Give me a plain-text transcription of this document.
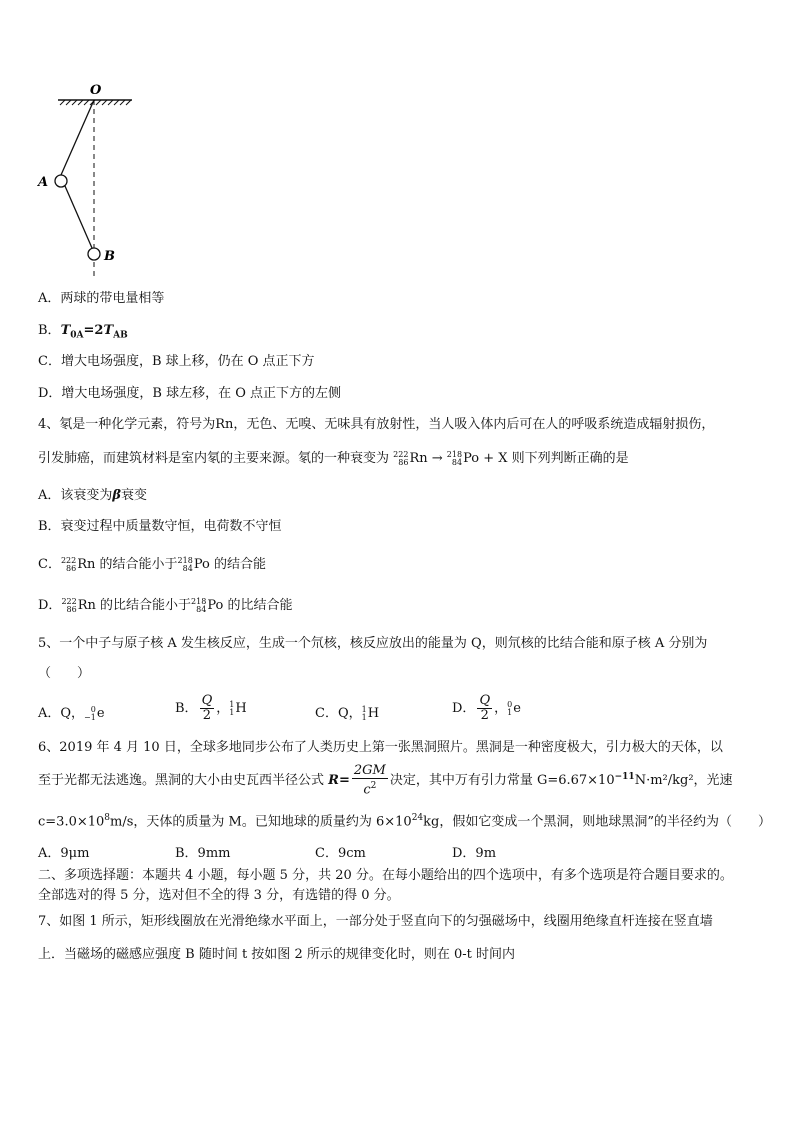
O
A
B
A．两球的带电量相等
B．$T_{0A}=2T_{AB}$
C．增大电场强度，B 球上移，仍在 O 点正下方
D．增大电场强度，B 球左移，在 O 点正下方的左侧
4、氡是一种化学元素，符号为Rn，无色、无嗅、无味具有放射性，当人吸入体内后可在人的呼吸系统造成辐射损伤，
引发肺癌，而建筑材料是室内氡的主要来源。氡的一种衰变为 222
86 Rn → 218
84 Po + X 则下列判断正确的是
A．该衰变为β衰变
B．衰变过程中质量数守恒，电荷数不守恒
C． 222
86 Rn 的结合能小于 218
84 Po 的结合能
D． 222
86 Rn 的比结合能小于 218
84 Po 的比结合能
5、一个中子与原子核 A 发生核反应，生成一个氘核，核反应放出的能量为 Q，则氘核的比结合能和原子核 A 分别为
（　　）
A．Q， 0
−1 e	B． $\frac{Q}{2}$ ， 1
1 H	C．Q， 1
1 H	D． $\frac{Q}{2}$ ， 0
1 e
6、2019 年 4 月 10 日，全球多地同步公布了人类历史上第一张黑洞照片。黑洞是一种密度极大，引力极大的天体，以
至于光都无法逃逸。黑洞的大小由史瓦西半径公式 $R= \frac{2GM}{c^2}$ 决定，其中万有引力常量 $G=6.67\times 10^{-11}N\cdot m^2$/kg²，光速
$c=3.0\times 10^8m/s$，天体的质量为 M。已知地球的质量约为 $6\times 10^{24}kg$，假如它变成一个黑洞，则地球黑洞”的半径约为（　　）
A．9μm	B．9mm	C．9cm	D．9m
二、多项选择题：本题共 4 小题，每小题 5 分，共 20 分。在每小题给出的四个选项中，有多个选项是符合题目要求的。
全部选对的得 5 分，选对但不全的得 3 分，有选错的得 0 分。
7、如图 1 所示，矩形线圈放在光滑绝缘水平面上，一部分处于竖直向下的匀强磁场中，线圈用绝缘直杆连接在竖直墙
上．当磁场的磁感应强度 B 随时间 t 按如图 2 所示的规律变化时，则在 0-t 时间内
